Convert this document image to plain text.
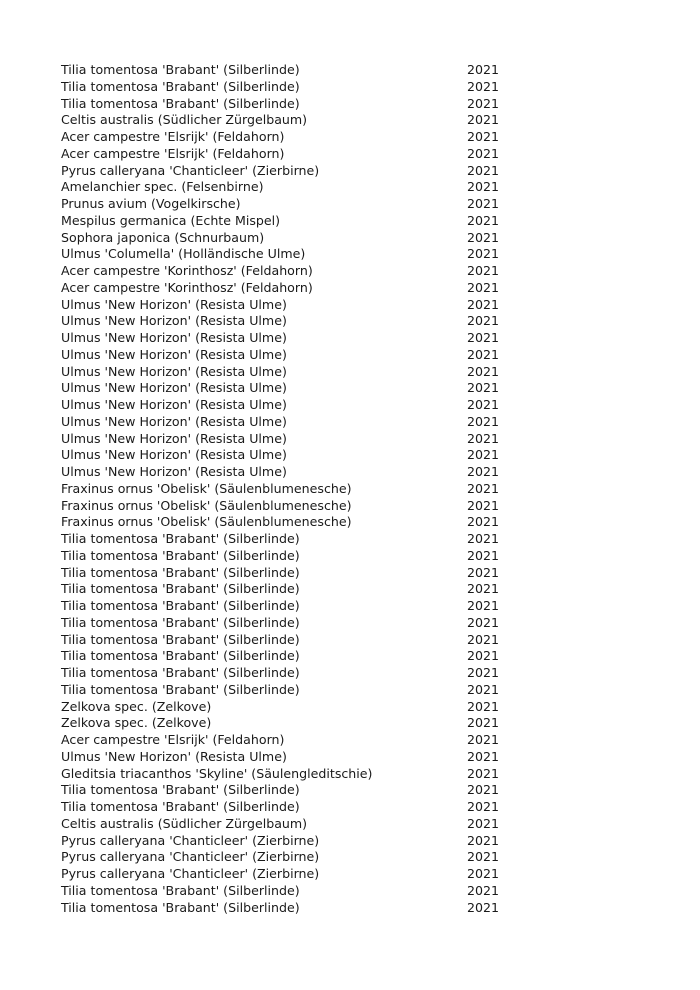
Tilia tomentosa 'Brabant' (Silberlinde)	2021
Tilia tomentosa 'Brabant' (Silberlinde)	2021
Tilia tomentosa 'Brabant' (Silberlinde)	2021
Celtis australis (Südlicher Zürgelbaum)	2021
Acer campestre 'Elsrijk' (Feldahorn)	2021
Acer campestre 'Elsrijk' (Feldahorn)	2021
Pyrus calleryana 'Chanticleer' (Zierbirne)	2021
Amelanchier spec. (Felsenbirne)	2021
Prunus avium (Vogelkirsche)	2021
Mespilus germanica (Echte Mispel)	2021
Sophora japonica (Schnurbaum)	2021
Ulmus 'Columella' (Holländische Ulme)	2021
Acer campestre 'Korinthosz' (Feldahorn)	2021
Acer campestre 'Korinthosz' (Feldahorn)	2021
Ulmus 'New Horizon' (Resista Ulme)	2021
Ulmus 'New Horizon' (Resista Ulme)	2021
Ulmus 'New Horizon' (Resista Ulme)	2021
Ulmus 'New Horizon' (Resista Ulme)	2021
Ulmus 'New Horizon' (Resista Ulme)	2021
Ulmus 'New Horizon' (Resista Ulme)	2021
Ulmus 'New Horizon' (Resista Ulme)	2021
Ulmus 'New Horizon' (Resista Ulme)	2021
Ulmus 'New Horizon' (Resista Ulme)	2021
Ulmus 'New Horizon' (Resista Ulme)	2021
Ulmus 'New Horizon' (Resista Ulme)	2021
Fraxinus ornus 'Obelisk' (Säulenblumenesche)	2021
Fraxinus ornus 'Obelisk' (Säulenblumenesche)	2021
Fraxinus ornus 'Obelisk' (Säulenblumenesche)	2021
Tilia tomentosa 'Brabant' (Silberlinde)	2021
Tilia tomentosa 'Brabant' (Silberlinde)	2021
Tilia tomentosa 'Brabant' (Silberlinde)	2021
Tilia tomentosa 'Brabant' (Silberlinde)	2021
Tilia tomentosa 'Brabant' (Silberlinde)	2021
Tilia tomentosa 'Brabant' (Silberlinde)	2021
Tilia tomentosa 'Brabant' (Silberlinde)	2021
Tilia tomentosa 'Brabant' (Silberlinde)	2021
Tilia tomentosa 'Brabant' (Silberlinde)	2021
Tilia tomentosa 'Brabant' (Silberlinde)	2021
Zelkova spec. (Zelkove)	2021
Zelkova spec. (Zelkove)	2021
Acer campestre 'Elsrijk' (Feldahorn)	2021
Ulmus 'New Horizon' (Resista Ulme)	2021
Gleditsia triacanthos 'Skyline' (Säulengleditschie)	2021
Tilia tomentosa 'Brabant' (Silberlinde)	2021
Tilia tomentosa 'Brabant' (Silberlinde)	2021
Celtis australis (Südlicher Zürgelbaum)	2021
Pyrus calleryana 'Chanticleer' (Zierbirne)	2021
Pyrus calleryana 'Chanticleer' (Zierbirne)	2021
Pyrus calleryana 'Chanticleer' (Zierbirne)	2021
Tilia tomentosa 'Brabant' (Silberlinde)	2021
Tilia tomentosa 'Brabant' (Silberlinde)	2021
